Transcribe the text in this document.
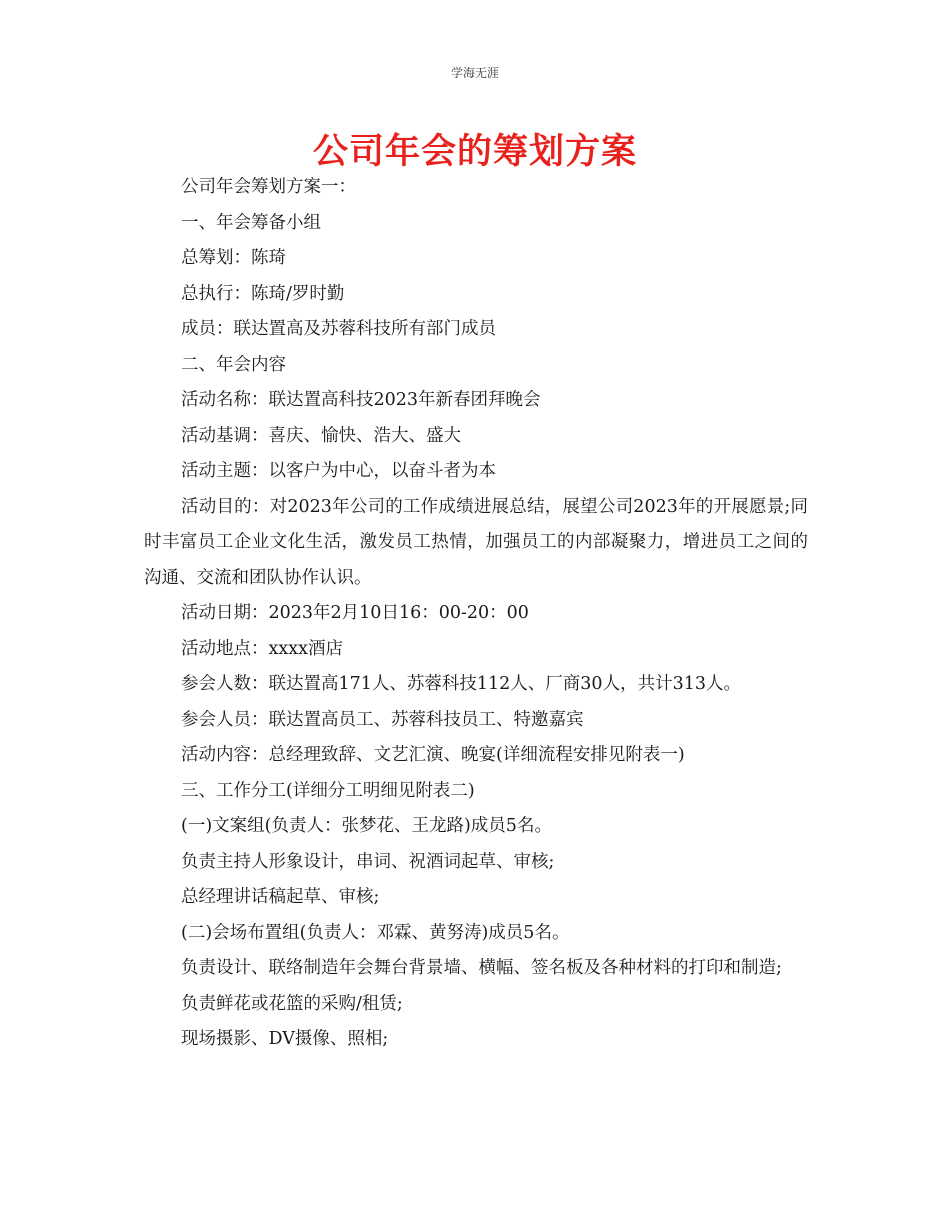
学海无涯
公司年会的筹划方案

公司年会筹划方案一：

一、年会筹备小组

总筹划：陈琦

总执行：陈琦/罗时勤

成员：联达置高及苏蓉科技所有部门成员

二、年会内容

活动名称：联达置高科技2023年新春团拜晚会

活动基调：喜庆、愉快、浩大、盛大

活动主题：以客户为中心，以奋斗者为本

活动目的：对2023年公司的工作成绩进展总结，展望公司2023年的开展愿景;同时丰富员工企业文化生活，激发员工热情，加强员工的内部凝聚力，增进员工之间的沟通、交流和团队协作认识。

活动日期：2023年2月10日16：00-20：00

活动地点：xxxx酒店

参会人数：联达置高171人、苏蓉科技112人、厂商30人，共计313人。

参会人员：联达置高员工、苏蓉科技员工、特邀嘉宾

活动内容：总经理致辞、文艺汇演、晚宴(详细流程安排见附表一)

三、工作分工(详细分工明细见附表二)

(一)文案组(负责人：张梦花、王龙路)成员5名。

负责主持人形象设计，串词、祝酒词起草、审核;

总经理讲话稿起草、审核;

(二)会场布置组(负责人：邓霖、黄努涛)成员5名。

负责设计、联络制造年会舞台背景墙、横幅、签名板及各种材料的打印和制造;

负责鲜花或花篮的采购/租赁;

现场摄影、DV摄像、照相;
